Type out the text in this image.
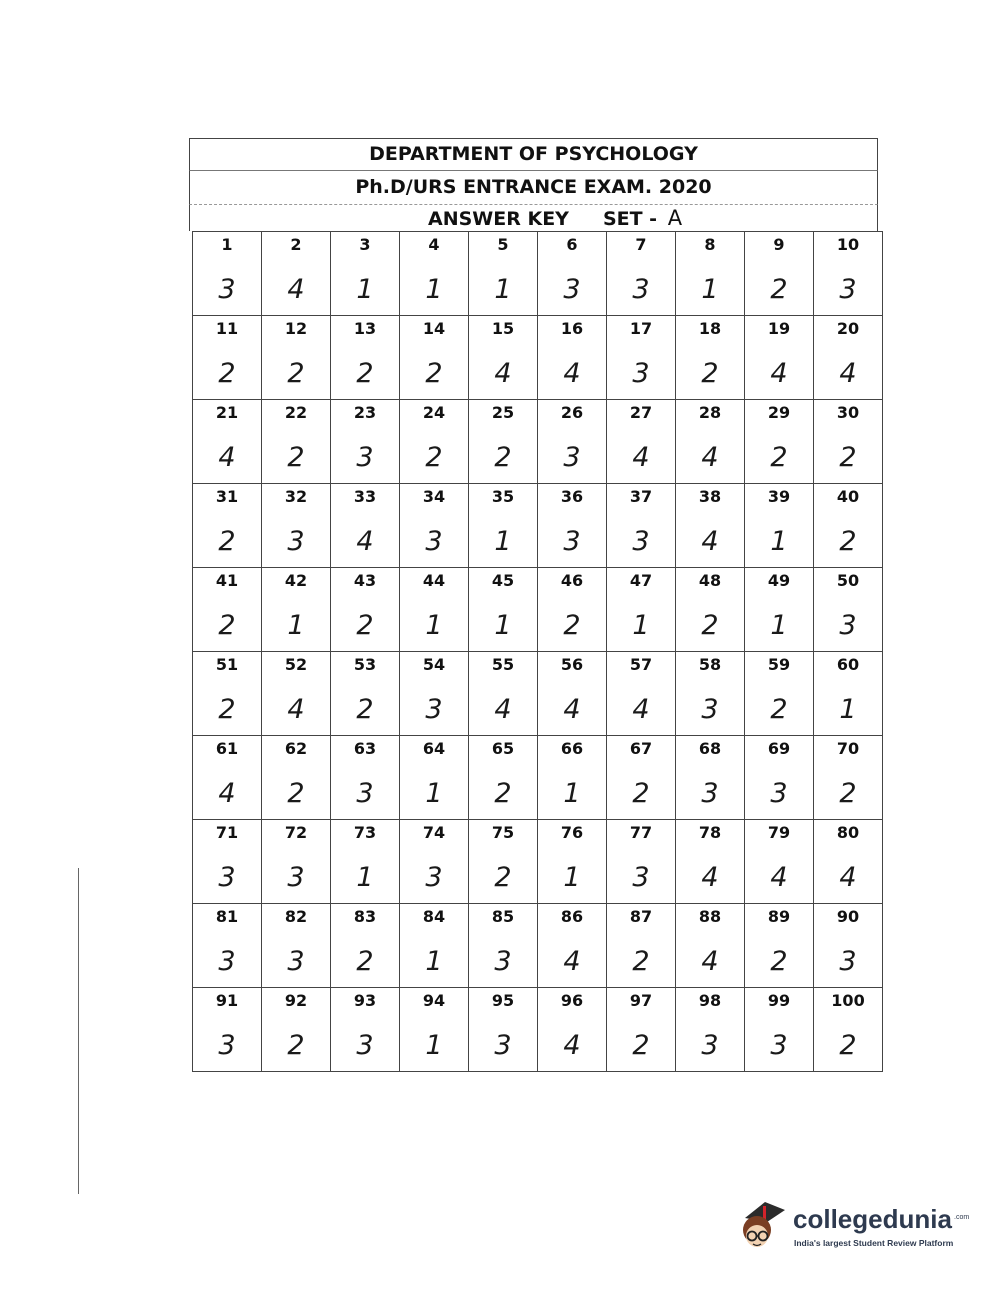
DEPARTMENT OF PSYCHOLOGY
Ph.D/URS ENTRANCE EXAM. 2020
ANSWER KEY SET - A
1	2	3	4	5	6	7	8	9	10
3	4	1	1	1	3	3	1	2	3
11	12	13	14	15	16	17	18	19	20
2	2	2	2	4	4	3	2	4	4
21	22	23	24	25	26	27	28	29	30
4	2	3	2	2	3	4	4	2	2
31	32	33	34	35	36	37	38	39	40
2	3	4	3	1	3	3	4	1	2
41	42	43	44	45	46	47	48	49	50
2	1	2	1	1	2	1	2	1	3
51	52	53	54	55	56	57	58	59	60
2	4	2	3	4	4	4	3	2	1
61	62	63	64	65	66	67	68	69	70
4	2	3	1	2	1	2	3	3	2
71	72	73	74	75	76	77	78	79	80
3	3	1	3	2	1	3	4	4	4
81	82	83	84	85	86	87	88	89	90
3	3	2	1	3	4	2	4	2	3
91	92	93	94	95	96	97	98	99	100
3	2	3	1	3	4	2	3	3	2
collegedunia .com
India's largest Student Review Platform
